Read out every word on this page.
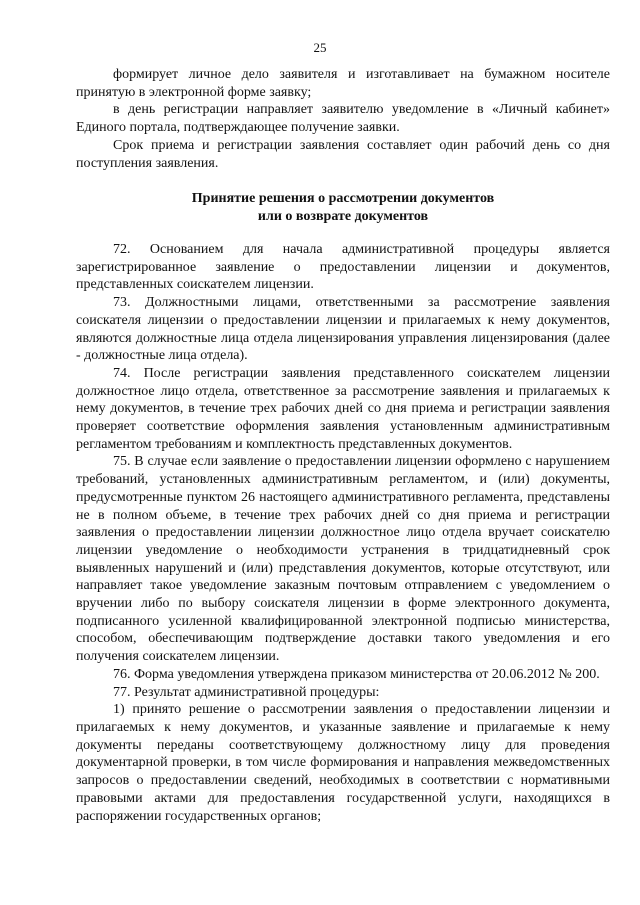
25

формирует личное дело заявителя и изготавливает на бумажном носителе принятую в электронной форме заявку;

в день регистрации направляет заявителю уведомление в «Личный кабинет» Единого портала, подтверждающее получение заявки.

Срок приема и регистрации заявления составляет один рабочий день со дня поступления заявления.

Принятие решения о рассмотрении документов
или о возврате документов

72. Основанием для начала административной процедуры является зарегистрированное заявление о предоставлении лицензии и документов, представленных соискателем лицензии.

73. Должностными лицами, ответственными за рассмотрение заявления соискателя лицензии о предоставлении лицензии и прилагаемых к нему документов, являются должностные лица отдела лицензирования управления лицензирования (далее - должностные лица отдела).

74. После регистрации заявления представленного соискателем лицензии должностное лицо отдела, ответственное за рассмотрение заявления и прилагаемых к нему документов, в течение трех рабочих дней со дня приема и регистрации заявления проверяет соответствие оформления заявления установленным административным регламентом требованиям и комплектность представленных документов.

75. В случае если заявление о предоставлении лицензии оформлено с нарушением требований, установленных административным регламентом, и (или) документы, предусмотренные пунктом 26 настоящего административного регламента, представлены не в полном объеме, в течение трех рабочих дней со дня приема и регистрации заявления о предоставлении лицензии должностное лицо отдела вручает соискателю лицензии уведомление о необходимости устранения в тридцатидневный срок выявленных нарушений и (или) представления документов, которые отсутствуют, или направляет такое уведомление заказным почтовым отправлением с уведомлением о вручении либо по выбору соискателя лицензии в форме электронного документа, подписанного усиленной квалифицированной электронной подписью министерства, способом, обеспечивающим подтверждение доставки такого уведомления и его получения соискателем лицензии.

76. Форма уведомления утверждена приказом министерства от 20.06.2012 № 200.

77. Результат административной процедуры:

1) принято решение о рассмотрении заявления о предоставлении лицензии и прилагаемых к нему документов, и указанные заявление и прилагаемые к нему документы переданы соответствующему должностному лицу для проведения документарной проверки, в том числе формирования и направления межведомственных запросов о предоставлении сведений, необходимых в соответствии с нормативными правовыми актами для предоставления государственной услуги, находящихся в распоряжении государственных органов;
